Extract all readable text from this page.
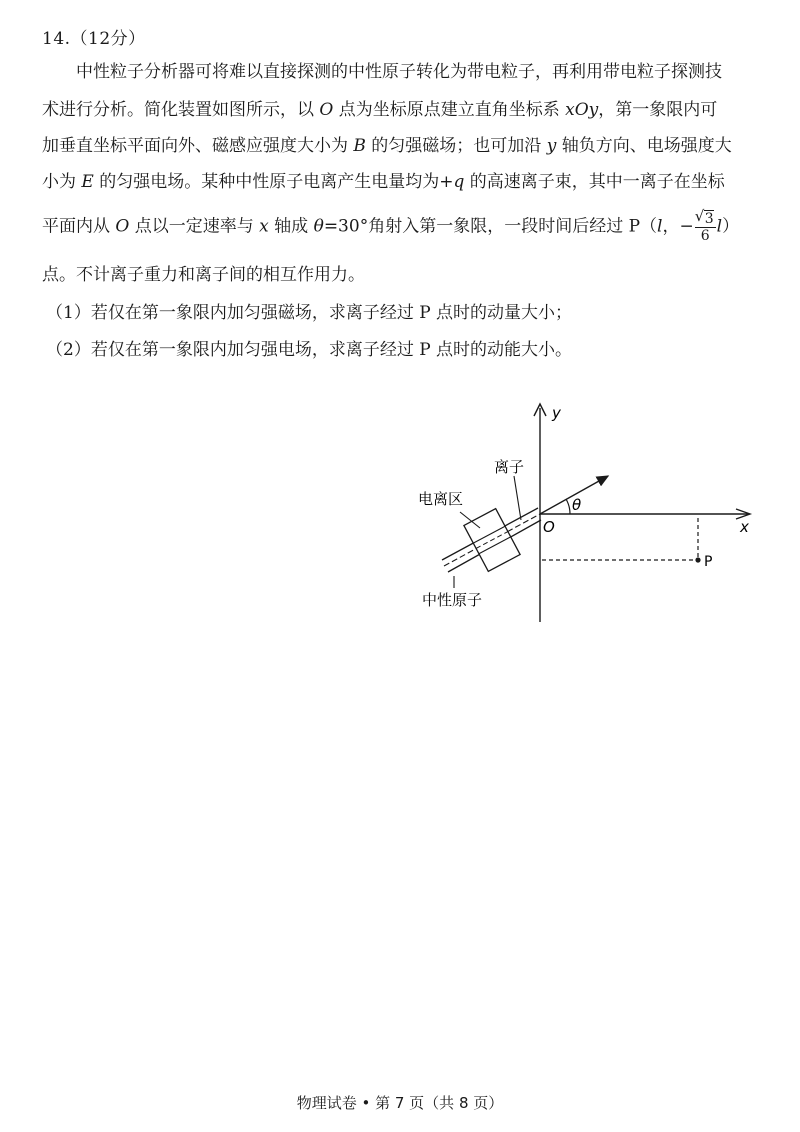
14.（12分）
中性粒子分析器可将难以直接探测的中性原子转化为带电粒子，再利用带电粒子探测技
术进行分析。简化装置如图所示，以 O 点为坐标原点建立直角坐标系 xOy，第一象限内可
加垂直坐标平面向外、磁感应强度大小为 B 的匀强磁场；也可加沿 y 轴负方向、电场强度大
小为 E 的匀强电场。某种中性原子电离产生电量均为+q 的高速离子束，其中一离子在坐标
平面内从 O 点以一定速率与 x 轴成 θ=30°角射入第一象限，一段时间后经过 P（l，−
√ $\frac{3}{6} l$）
点。不计离子重力和离子间的相互作用力。
（1）若仅在第一象限内加匀强磁场，求离子经过 P 点时的动量大小；
（2）若仅在第一象限内加匀强电场，求离子经过 P 点时的动能大小。
y
x
O
θ
P
离子
电离区
中性原子
物理试卷 • 第 7 页（共 8 页）
